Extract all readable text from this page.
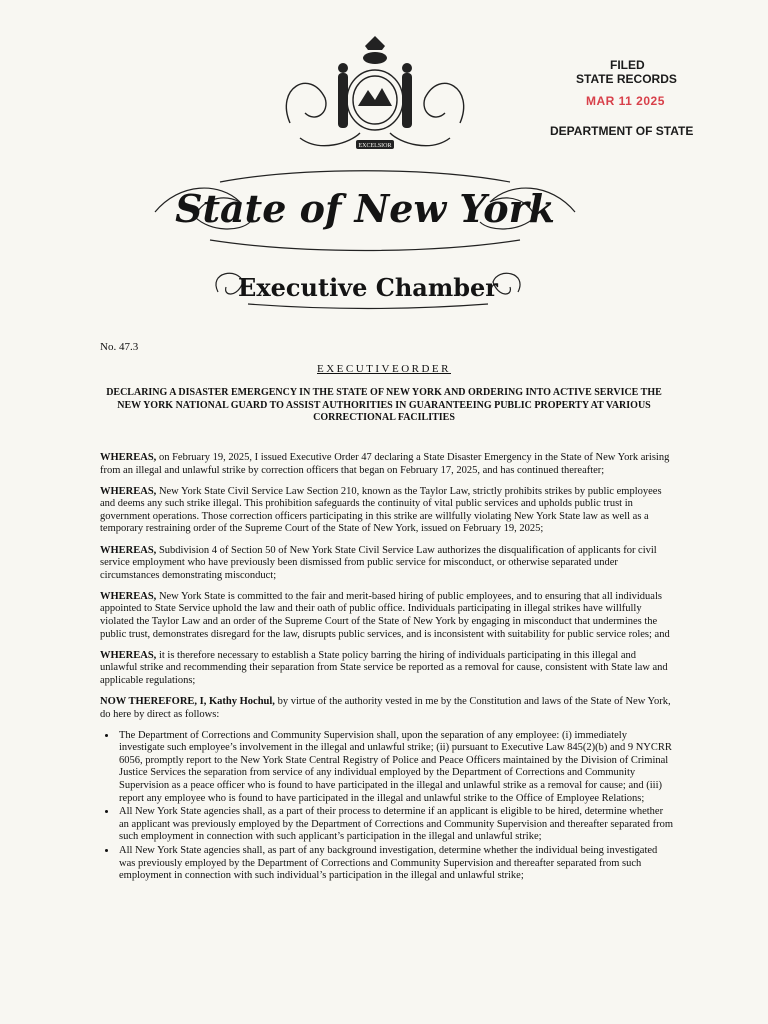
EXCELSIOR
State of New York
Executive Chamber
FILED
STATE RECORDS
MAR 11 2025
DEPARTMENT OF STATE
No. 47.3
EXECUTIVEORDER
DECLARING A DISASTER EMERGENCY IN THE STATE OF NEW YORK AND ORDERING INTO ACTIVE SERVICE THE NEW YORK NATIONAL GUARD TO ASSIST AUTHORITIES IN GUARANTEEING PUBLIC PROPERTY AT VARIOUS CORRECTIONAL FACILITIES

WHEREAS, on February 19, 2025, I issued Executive Order 47 declaring a State Disaster Emergency in the State of New York arising from an illegal and unlawful strike by correction officers that began on February 17, 2025, and has continued thereafter;

WHEREAS, New York State Civil Service Law Section 210, known as the Taylor Law, strictly prohibits strikes by public employees and deems any such strike illegal. This prohibition safeguards the continuity of vital public services and upholds public trust in government operations. Those correction officers participating in this strike are willfully violating New York State law as well as a temporary restraining order of the Supreme Court of the State of New York, issued on February 19, 2025;

WHEREAS, Subdivision 4 of Section 50 of New York State Civil Service Law authorizes the disqualification of applicants for civil service employment who have previously been dismissed from public service for misconduct, or otherwise separated under circumstances demonstrating misconduct;

WHEREAS, New York State is committed to the fair and merit-based hiring of public employees, and to ensuring that all individuals appointed to State Service uphold the law and their oath of public office. Individuals participating in illegal strikes have willfully violated the Taylor Law and an order of the Supreme Court of the State of New York by engaging in misconduct that undermines the public trust, demonstrates disregard for the law, disrupts public services, and is inconsistent with suitability for public service roles; and

WHEREAS, it is therefore necessary to establish a State policy barring the hiring of individuals participating in this illegal and unlawful strike and recommending their separation from State service be reported as a removal for cause, consistent with State law and applicable regulations;

NOW THEREFORE, I, Kathy Hochul, by virtue of the authority vested in me by the Constitution and laws of the State of New York, do here by direct as follows:

• The Department of Corrections and Community Supervision shall, upon the separation of any employee: (i) immediately investigate such employee’s involvement in the illegal and unlawful strike; (ii) pursuant to Executive Law 845(2)(b) and 9 NYCRR 6056, promptly report to the New York State Central Registry of Police and Peace Officers maintained by the Division of Criminal Justice Services the separation from service of any individual employed by the Department of Corrections and Community Supervision as a peace officer who is found to have participated in the illegal and unlawful strike as a removal for cause; and (iii) report any employee who is found to have participated in the illegal and unlawful strike to the Office of Employee Relations;
• All New York State agencies shall, as a part of their process to determine if an applicant is eligible to be hired, determine whether an applicant was previously employed by the Department of Corrections and Community Supervision and thereafter separated from such employment in connection with such applicant’s participation in the illegal and unlawful strike;
• All New York State agencies shall, as part of any background investigation, determine whether the individual being investigated was previously employed by the Department of Corrections and Community Supervision and thereafter separated from such employment in connection with such individual’s participation in the illegal and unlawful strike;
